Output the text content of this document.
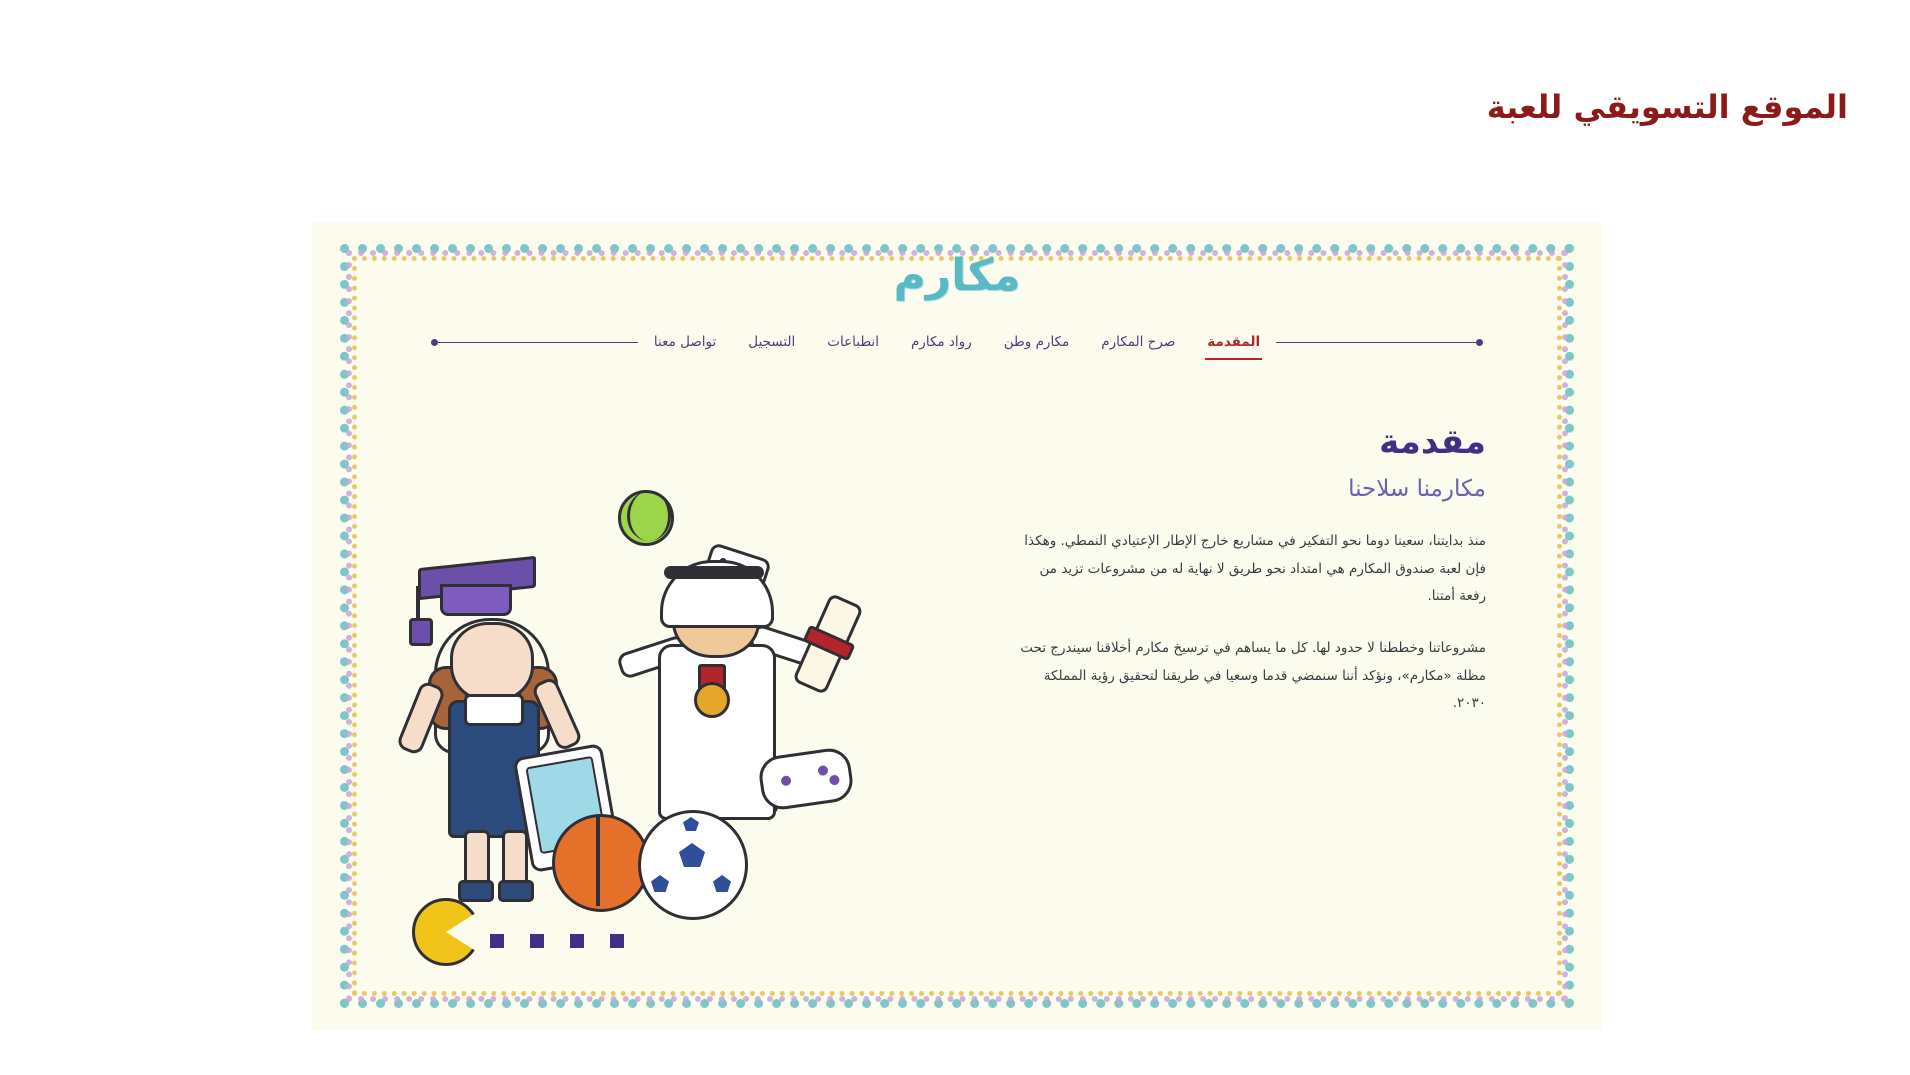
الموقع التسويقي للعبة
مكارم
المقدمة
صرح المكارم
مكارم وطن
رواد مكارم
انطباعات
التسجيل
تواصل معنا
مقدمة
مكارمنا سلاحنا

منذ بدايتنا، سعينا دوما نحو التفكير في مشاريع خارج الإطار الإعتيادي النمطي. وهكذا فإن لعبة صندوق المكارم هي امتداد نحو طريق لا نهاية له من مشروعات تزيد من رفعة أمتنا.

مشروعاتنا وخططنا لا حدود لها. كل ما يساهم في ترسيخ مكارم أخلاقنا سيندرج تحت مظلة «مكارم»، ونؤكد أننا سنمضي قدما وسعيا في طريقنا لتحقيق رؤية المملكة ٢٠٣٠.
